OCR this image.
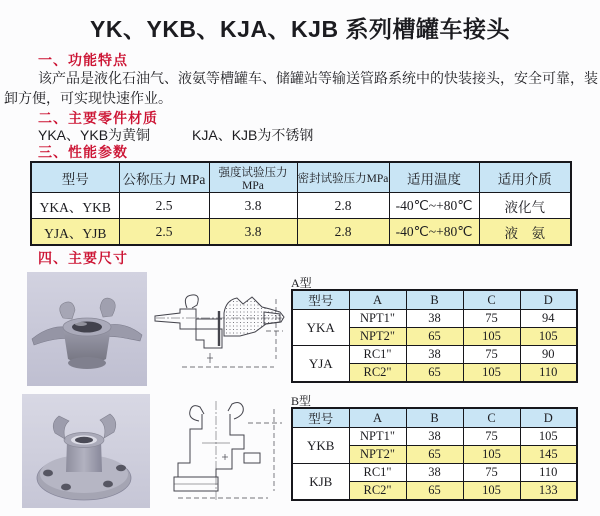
YK、YKB、KJA、KJB 系列槽罐车接头
一、功能特点
该产品是液化石油气、液氨等槽罐车、储罐站等输送管路系统中的快装接头，安全可靠，装卸方便，可实现快速作业。
二、主要零件材质
YKA、YKB为黄铜	KJA、KJB为不锈钢
三、性能参数
型号	公称压力 MPa	强度试验压力MPa	密封试验压力MPa	适用温度	适用介质
YKA、YKB	2.5	3.8	2.8	-40℃~+80℃	液化气
YJA、YJB	2.5	3.8	2.8	-40℃~+80℃	液　氨
四、主要尺寸
A型
型号	A	B	C	D
YKA	NPT1"	38	75	94
	NPT2"	65	105	105
YJA	RC1"	38	75	90
	RC2"	65	105	110
B型
型号	A	B	C	D
YKB	NPT1"	38	75	105
	NPT2"	65	105	145
KJB	RC1"	38	75	110
	RC2"	65	105	133
